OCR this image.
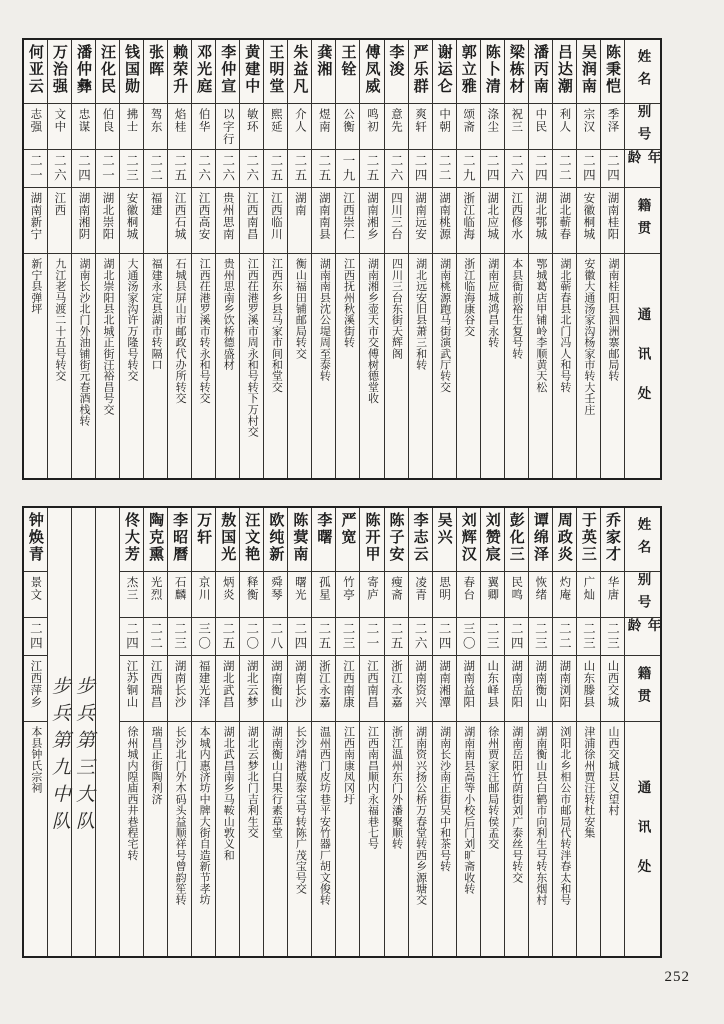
姓名
别号
年龄
籍贯
通讯处
陈秉恺
季泽
二四
湖南桂阳
湖南桂阳县泗洲寨邮局转
吴润南
宗汉
二四
安徽桐城
安徽大通汤家沟杨家市转大壬庄
吕达潮
利人
二二
湖北蕲春
湖北蕲春县北门冯人和号转
潘丙南
中民
二四
湖北鄂城
鄂城葛店甲铺岭李顺黄天松
梁栋材
祝三
二六
江西修水
本县衙前裕生复号转
陈卜清
涤尘
二四
湖北应城
湖南应城鸿昌永转
郭立雅
颂斋
二九
浙江临海
浙江临海康谷交
谢运仑
中朝
二二
湖南桃源
湖南桃源跑马街演武厅转交
严乐群
爽轩
二四
湖南远安
湖北远安旧县萧三和转
李浚
意先
二六
四川三台
四川三台东街天辉阁
傅凤威
鸣初
二五
湖南湘乡
湖南湘乡壶天市交傅树德堂收
王铨
公衡
一九
江西崇仁
江西抚州秋溪街转
龚湘
煜南
二五
湖南南县
湖南南县沈公堤周至泰转
朱益凡
介人
二五
湖南
衡山福田铺邮局转交
王明堂
熙延
二五
江西临川
江西东乡县马家市间和堂交
黄建中
敏环
二六
江西南昌
江西茌港罗溪市周永和号转下万村交
李仲宣
以字行
二六
贵州思南
贵州思南乡饮桥德盛材
邓光庭
伯华
二六
江西高安
江西茌港罗溪市转永和号转交
赖荣升
焰桂
二五
江西石城
石城县屏山市邮政代办所转交
张晖
驾东
二二
福建
福建永定县湖市转隔口
钱国勋
拂士
二三
安徽桐城
大通汤家沟许万隆号转交
汪化民
伯良
二一
湖北崇阳
湖北崇阳县北城正街汪裕昌号交
潘仲彝
忠谋
二四
湖南湘阴
湖南长沙北门外油铺街元春酒栈转
万治强
文中
二六
江西
九江老马渡二十五号转交
何亚云
志强
二一
湖南新宁
新宁县弹坪
姓名
别号
年龄
籍贯
通讯处
乔家才
华唐
二三
山西交城
山西交城县义望村
于英三
广灿
二三
山东滕县
津浦徐州贾汪转杜安集
周政炎
灼庵
二二
湖南浏阳
浏阳北乡相公市邮局代转泮春太和号
谭绵泽
恢绪
二三
湖南衡山
湖南衡山县白鹤市向利生号转东烟村
彭化三
民鸣
二四
湖南岳阳
湖南岳阳竹荫街刘广泰丝号转交
刘赞宸
翼卿
二三
山东峄县
徐州贾家汪邮局转侯孟交
刘辉汉
春台
三〇
湖南益阳
湖南南县高等小校后门刘旷斋收转
吴兴
思明
二四
湖南湘潭
湖南长沙南正街吴中和茶号转
李志云
凌青
二六
湖南资兴
湖南资兴扬公桥万春堂转西乡源塘交
陈子安
瘦斋
二五
浙江永嘉
浙江温州东门外潘聚顺转
陈开甲
寄庐
二一
江西南昌
江西南昌顺内永福巷七号
严宽
竹亭
二三
江西南康
江西南康凤冈圩
李曙
孤星
二五
浙江永嘉
温州西门皮坊巷平安竹器厂胡文俊转
陈蓂南
曙光
二四
湖南长沙
长沙靖港威泰宝号转陈广茂宝号交
欧纯新
舜琴
二八
湖南衡山
湖南衡山白果行素草堂
汪文艳
释衡
二〇
湖北云梦
湖北云梦北门吉利生交
敖国光
炳炎
二五
湖北武昌
湖北武昌南乡马鞍山敦义和
万轩
京川
三〇
福建光泽
本城内惠济坊中牌大街自造新节孝坊
李昭曆
石麟
二三
湖南长沙
长沙北门外木码头益顺祥号曾韵笙转
陶克熏
光烈
二二
江西瑞昌
瑞昌正街陶利济
佟大芳
杰三
二四
江苏铜山
徐州城内隍庙西井巷程宅转
步兵第三大队
步兵第九中队
钟焕青
景文
二四
江西萍乡
本县钟氏宗祠
252
